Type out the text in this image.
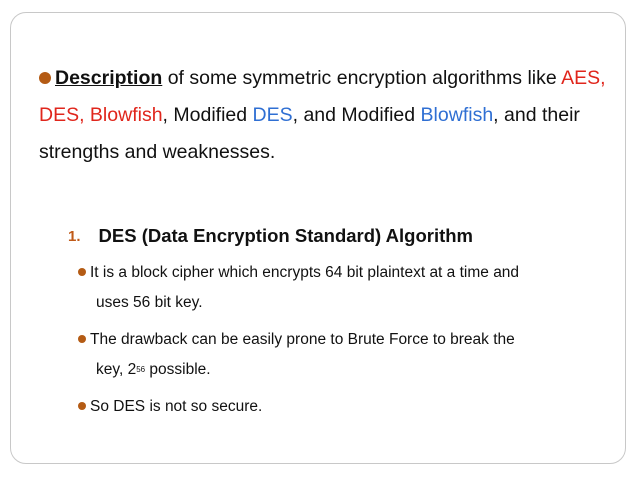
Description of some symmetric encryption algorithms like AES, DES, Blowfish, Modified DES, and Modified Blowfish, and their strengths and weaknesses.
1. DES (Data Encryption Standard) Algorithm
It is a block cipher which encrypts 64 bit plaintext at a time and
uses 56 bit key.
The drawback can be easily prone to Brute Force to break the
key, $2^{56}$ possible.
So DES is not so secure.
